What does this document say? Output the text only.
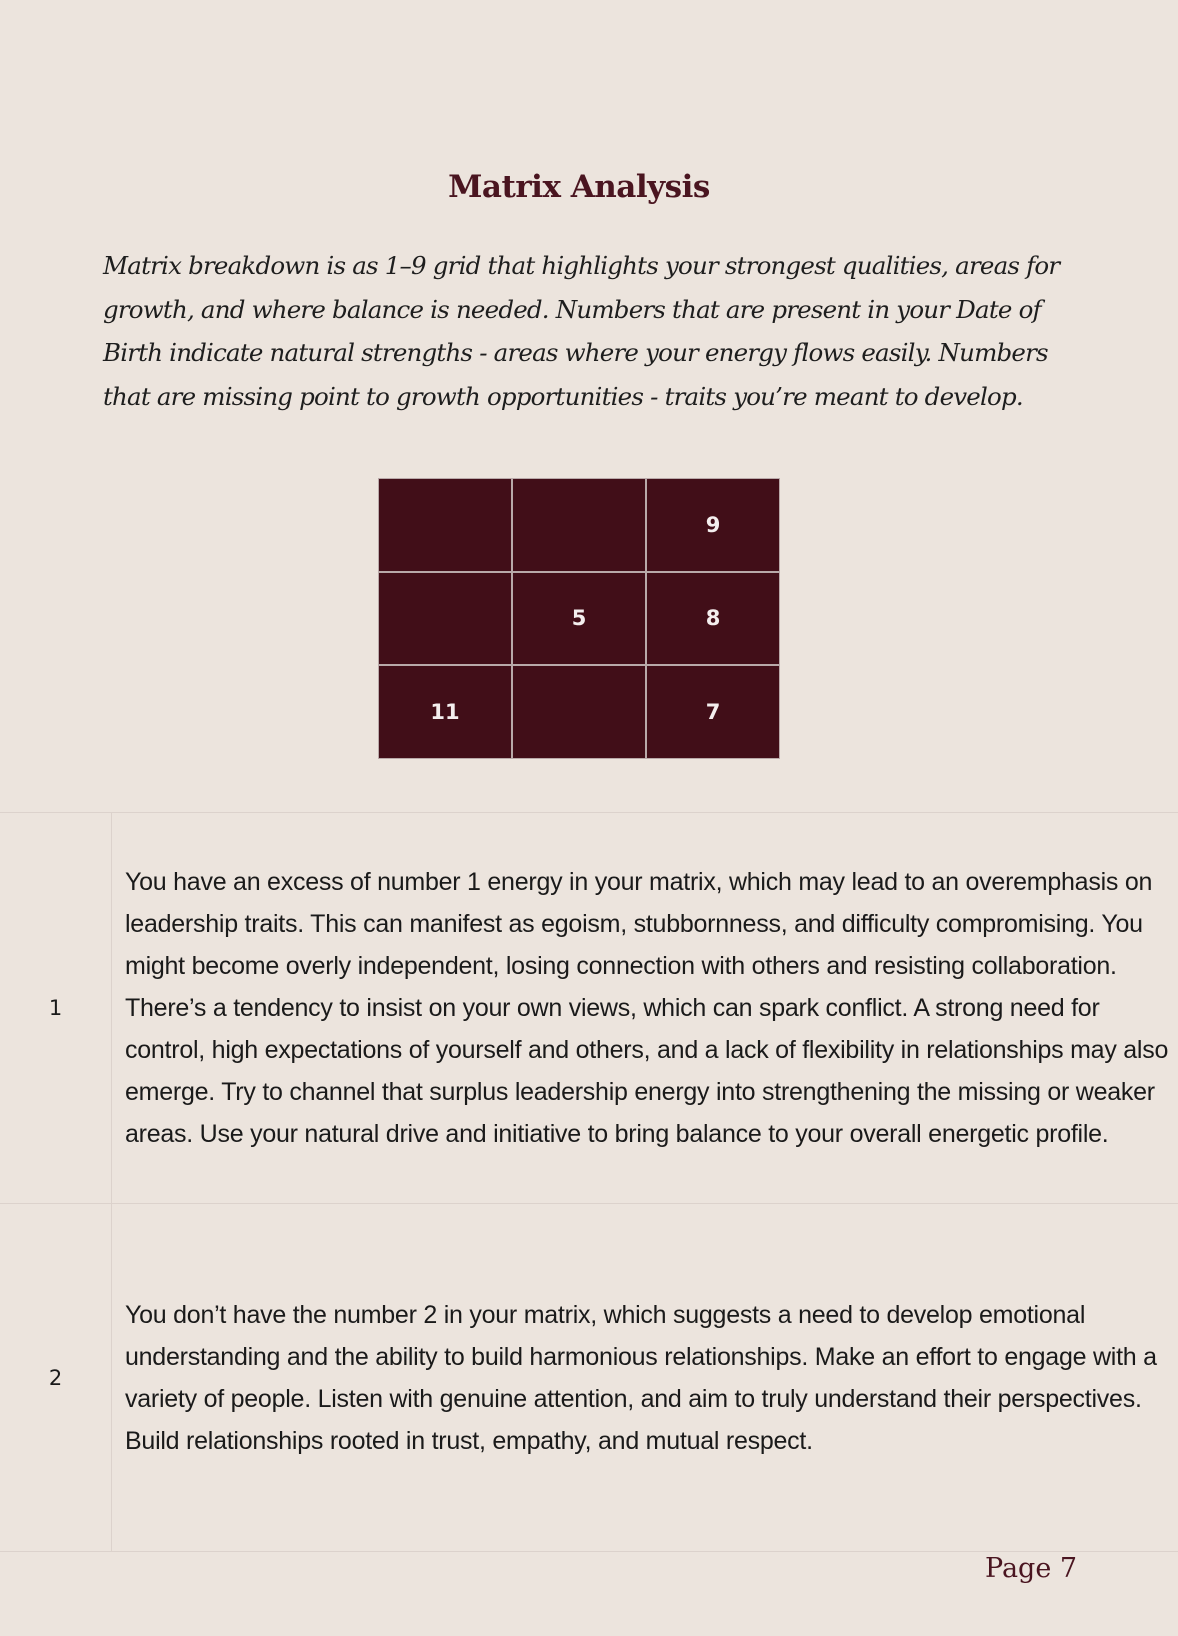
Matrix Analysis

Matrix breakdown is as 1–9 grid that highlights your strongest qualities, areas for growth, and where balance is needed. Numbers that are present in your Date of Birth indicate natural strengths - areas where your energy flows easily. Numbers that are missing point to growth opportunities - traits you’re meant to develop.

9
5	8
11	7
1
You have an excess of number 1 energy in your matrix, which may lead to an overemphasis on leadership traits. This can manifest as egoism, stubbornness, and difficulty compromising. You might become overly independent, losing connection with others and resisting collaboration. There’s a tendency to insist on your own views, which can spark conflict. A strong need for control, high expectations of yourself and others, and a lack of flexibility in relationships may also emerge. Try to channel that surplus leadership energy into strengthening the missing or weaker areas. Use your natural drive and initiative to bring balance to your overall energetic profile.
2
You don’t have the number 2 in your matrix, which suggests a need to develop emotional understanding and the ability to build harmonious relationships. Make an effort to engage with a variety of people. Listen with genuine attention, and aim to truly understand their perspectives. Build relationships rooted in trust, empathy, and mutual respect.
Page 7
